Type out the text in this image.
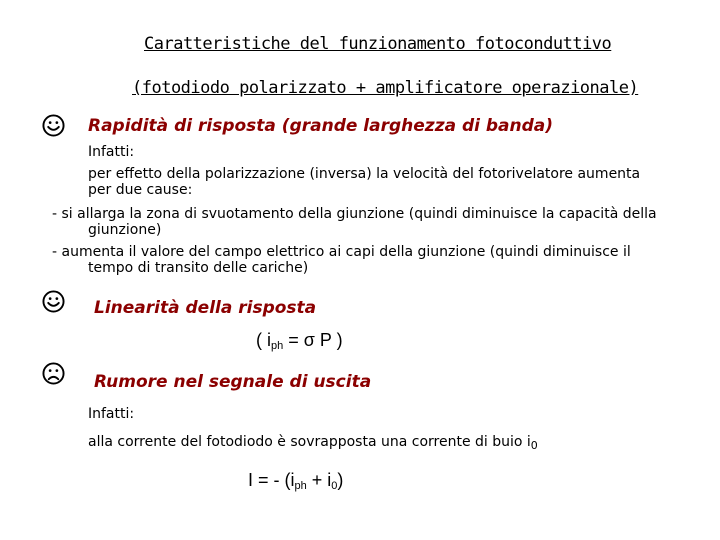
Caratteristiche del funzionamento fotoconduttivo
(fotodiodo polarizzato + amplificatore operazionale)
Rapidità di risposta (grande larghezza di banda)
Infatti:
per effetto della polarizzazione (inversa) la velocità del fotorivelatore aumenta
per due cause:
- si allarga la zona di svuotamento della giunzione (quindi diminuisce la capacità della
giunzione)
- aumenta il valore del campo elettrico ai capi della giunzione (quindi diminuisce il
tempo di transito delle cariche)
Linearità della risposta
( $i_{ph} = \sigma$ P )
Rumore nel segnale di uscita
Infatti:
alla corrente del fotodiodo è sovrapposta una corrente di buio $i_0$
I = - $(i_{ph} + i_0)$
